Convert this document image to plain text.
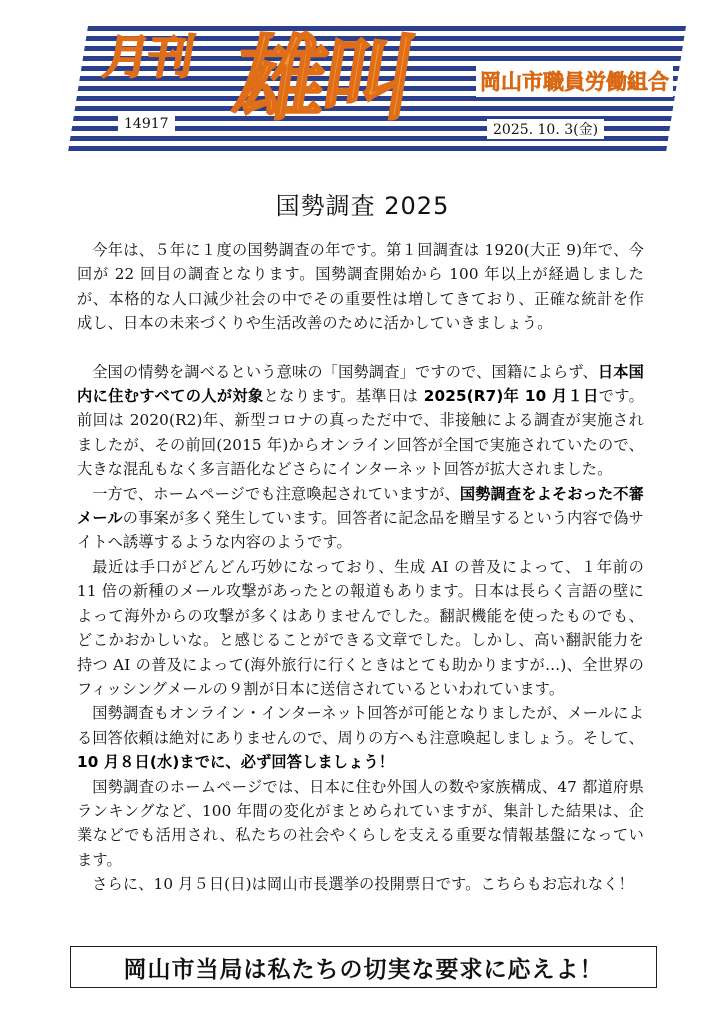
月刊 雄叫	岡山市職員労働組合
14917	2025. 10. 3(金)
国勢調査 2025

今年は、５年に１度の国勢調査の年です。第１回調査は 1920(大正 9)年で、今回が 22 回目の調査となります。国勢調査開始から 100 年以上が経過しましたが、本格的な人口減少社会の中でその重要性は増してきており、正確な統計を作成し、日本の未来づくりや生活改善のために活かしていきましょう。

全国の情勢を調べるという意味の「国勢調査」ですので、国籍によらず、日本国内に住むすべての人が対象となります。基準日は 2025(R7)年 10 月１日です。前回は 2020(R2)年、新型コロナの真っただ中で、非接触による調査が実施されましたが、その前回(2015 年)からオンライン回答が全国で実施されていたので、大きな混乱もなく多言語化などさらにインターネット回答が拡大されました。

一方で、ホームページでも注意喚起されていますが、国勢調査をよそおった不審メールの事案が多く発生しています。回答者に記念品を贈呈するという内容で偽サイトへ誘導するような内容のようです。

最近は手口がどんどん巧妙になっており、生成 AI の普及によって、１年前の 11 倍の新種のメール攻撃があったとの報道もあります。日本は長らく言語の壁によって海外からの攻撃が多くはありませんでした。翻訳機能を使ったものでも、どこかおかしいな。と感じることができる文章でした。しかし、高い翻訳能力を持つ AI の普及によって(海外旅行に行くときはとても助かりますが…)、全世界のフィッシングメールの９割が日本に送信されているといわれています。

国勢調査もオンライン・インターネット回答が可能となりましたが、メールによる回答依頼は絶対にありませんので、周りの方へも注意喚起しましょう。そして、10 月８日(水)までに、必ず回答しましょう！

国勢調査のホームページでは、日本に住む外国人の数や家族構成、47 都道府県ランキングなど、100 年間の変化がまとめられていますが、集計した結果は、企業などでも活用され、私たちの社会やくらしを支える重要な情報基盤になっています。

さらに、10 月５日(日)は岡山市長選挙の投開票日です。こちらもお忘れなく！

岡山市当局は私たちの切実な要求に応えよ！
